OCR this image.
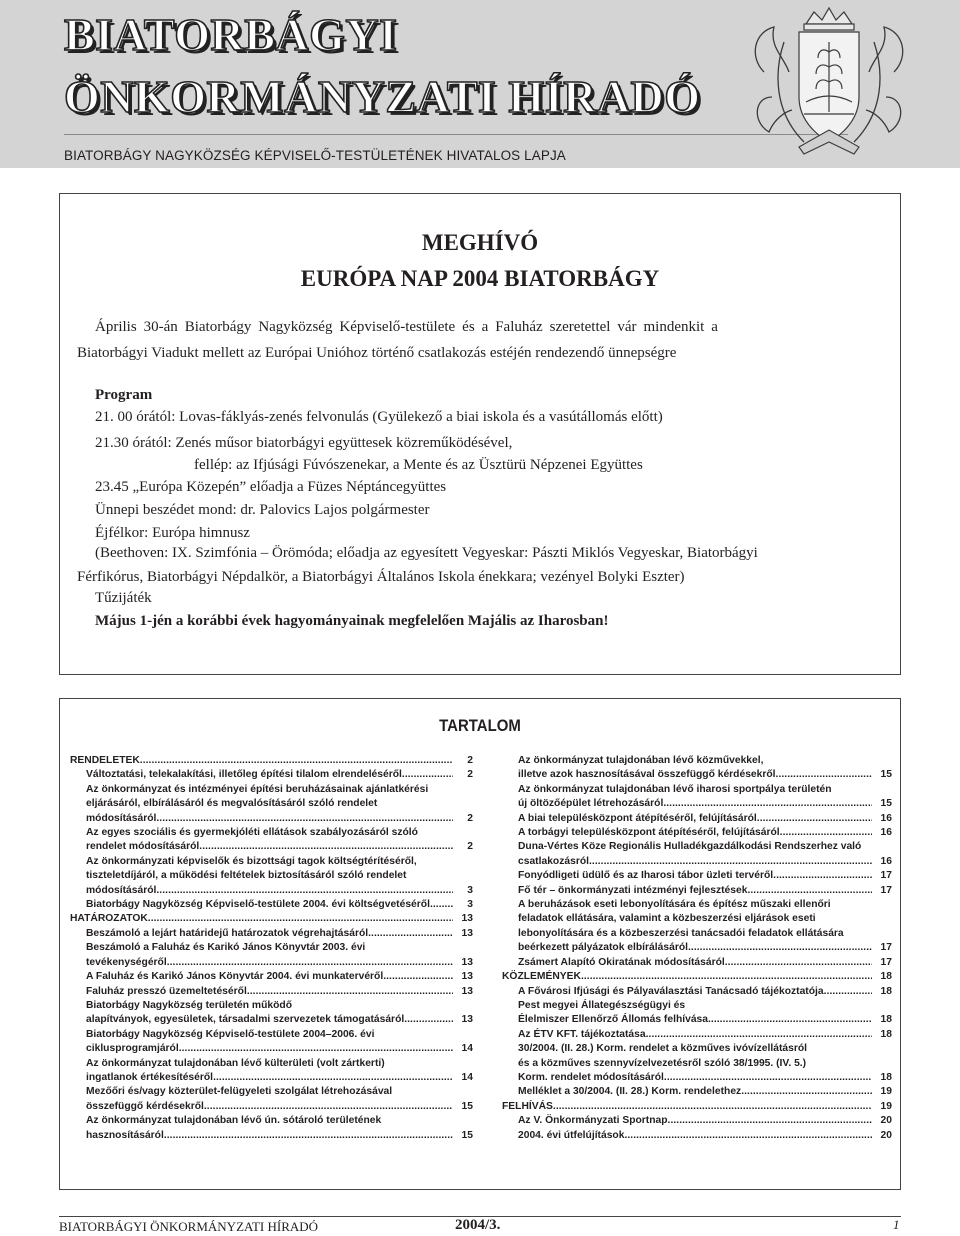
BIATORBÁGYI
ÖNKORMÁNYZATI HÍRADÓ
BIATORBÁGY NAGYKÖZSÉG KÉPVISELŐ-TESTÜLETÉNEK HIVATALOS LAPJA
MEGHÍVÓ
EURÓPA NAP 2004 BIATORBÁGY
Április 30-án Biatorbágy Nagyközség Képviselő-testülete és a Faluház szeretettel vár mindenkit a
Biatorbágyi Viadukt mellett az Európai Unióhoz történő csatlakozás estéjén rendezendő ünnepségre
Program
21. 00 órától: Lovas-fáklyás-zenés felvonulás (Gyülekező a biai iskola és a vasútállomás előtt)
21.30 órától: Zenés műsor biatorbágyi együttesek közreműködésével,
fellép: az Ifjúsági Fúvószenekar, a Mente és az Üsztürü Népzenei Együttes
23.45 „Európa Közepén” előadja a Füzes Néptáncegyüttes
Ünnepi beszédet mond: dr. Palovics Lajos polgármester
Éjfélkor: Európa himnusz
(Beethoven: IX. Szimfónia – Örömóda; előadja az egyesített Vegyeskar: Pászti Miklós Vegyeskar, Biatorbágyi
Férfikórus, Biatorbágyi Népdalkör, a Biatorbágyi Általános Iskola énekkara; vezényel Bolyki Eszter)
Tűzijáték
Május 1-jén a korábbi évek hagyományainak megfelelően Majális az Iharosban!
TARTALOM
RENDELETEK . . .	2
Változtatási, telekalakítási, illetőleg építési tilalom elrendeléséről . . .	2
Az önkormányzat és intézményei építési beruházásainak ajánlatkérési
eljárásáról, elbírálásáról és megvalósításáról szóló rendelet
módosításáról . . .	2
Az egyes szociális és gyermekjóléti ellátások szabályozásáról szóló
rendelet módosításáról . . .	2
Az önkormányzati képviselők és bizottsági tagok költségtérítéséről,
tiszteletdíjáról, a működési feltételek biztosításáról szóló rendelet
módosításáról . . .	3
Biatorbágy Nagyközség Képviselő-testülete 2004. évi költségvetéséről . . .	3
HATÁROZATOK . . .	13
Beszámoló a lejárt határidejű határozatok végrehajtásáról . . .	13
Beszámoló a Faluház és Karikó János Könyvtár 2003. évi
tevékenységéről . . .	13
A Faluház és Karikó János Könyvtár 2004. évi munkatervéről . . .	13
Faluház presszó üzemeltetéséről . . .	13
Biatorbágy Nagyközség területén működő
alapítványok, egyesületek, társadalmi szervezetek támogatásáról . . .	13
Biatorbágy Nagyközség Képviselő-testülete 2004–2006. évi
ciklusprogramjáról . . .	14
Az önkormányzat tulajdonában lévő külterületi (volt zártkerti)
ingatlanok értékesítéséről . . .	14
Mezőőri és/vagy közterület-felügyeleti szolgálat létrehozásával
összefüggő kérdésekről . . .	15
Az önkormányzat tulajdonában lévő ún. sótároló területének
hasznosításáról . . .	15
Az önkormányzat tulajdonában lévő közművekkel,
illetve azok hasznosításával összefüggő kérdésekről . . .	15
Az önkormányzat tulajdonában lévő iharosi sportpálya területén
új öltözőépület létrehozásáról . . .	15
A biai településközpont átépítéséről, felújításáról . . .	16
A torbágyi településközpont átépítéséről, felújításáról . . .	16
Duna-Vértes Köze Regionális Hulladékgazdálkodási Rendszerhez való
csatlakozásról . . .	16
Fonyódligeti üdülő és az Iharosi tábor üzleti tervéről . . .	17
Fő tér – önkormányzati intézményi fejlesztések . . .	17
A beruházások eseti lebonyolítására és építész műszaki ellenőri
feladatok ellátására, valamint a közbeszerzési eljárások eseti
lebonyolítására és a közbeszerzési tanácsadói feladatok ellátására
beérkezett pályázatok elbírálásáról . . .	17
Zsámert Alapító Okiratának módosításáról . . .	17
KÖZLEMÉNYEK . . .	18
A Fővárosi Ifjúsági és Pályaválasztási Tanácsadó tájékoztatója . . .	18
Pest megyei Állategészségügyi és
Élelmiszer Ellenőrző Állomás felhívása . . .	18
Az ÉTV KFT. tájékoztatása . . .	18
30/2004. (II. 28.) Korm. rendelet a közműves ivóvízellátásról
és a közműves szennyvízelvezetésről szóló 38/1995. (IV. 5.)
Korm. rendelet módosításáról . . .	18
Melléklet a 30/2004. (II. 28.) Korm. rendelethez . . .	19
FELHÍVÁS . . .	19
Az V. Önkormányzati Sportnap . . .	20
2004. évi útfelújítások . . .	20
BIATORBÁGYI ÖNKORMÁNYZATI HÍRADÓ	2004/3.	1
